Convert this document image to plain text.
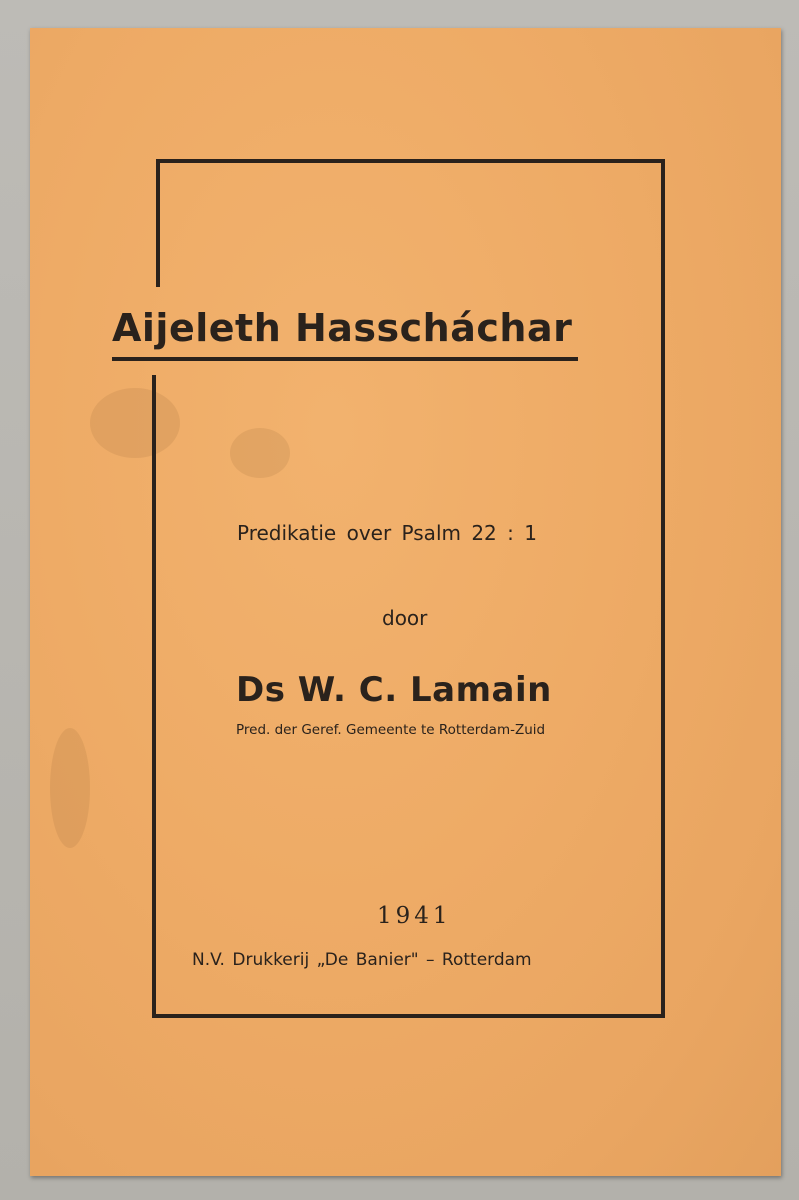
Aijeleth Hasscháchar
Predikatie over Psalm 22 : 1
door
Ds W. C. Lamain
Pred. der Geref. Gemeente te Rotterdam-Zuid
1941
N.V. Drukkerij „De Banier" – Rotterdam
